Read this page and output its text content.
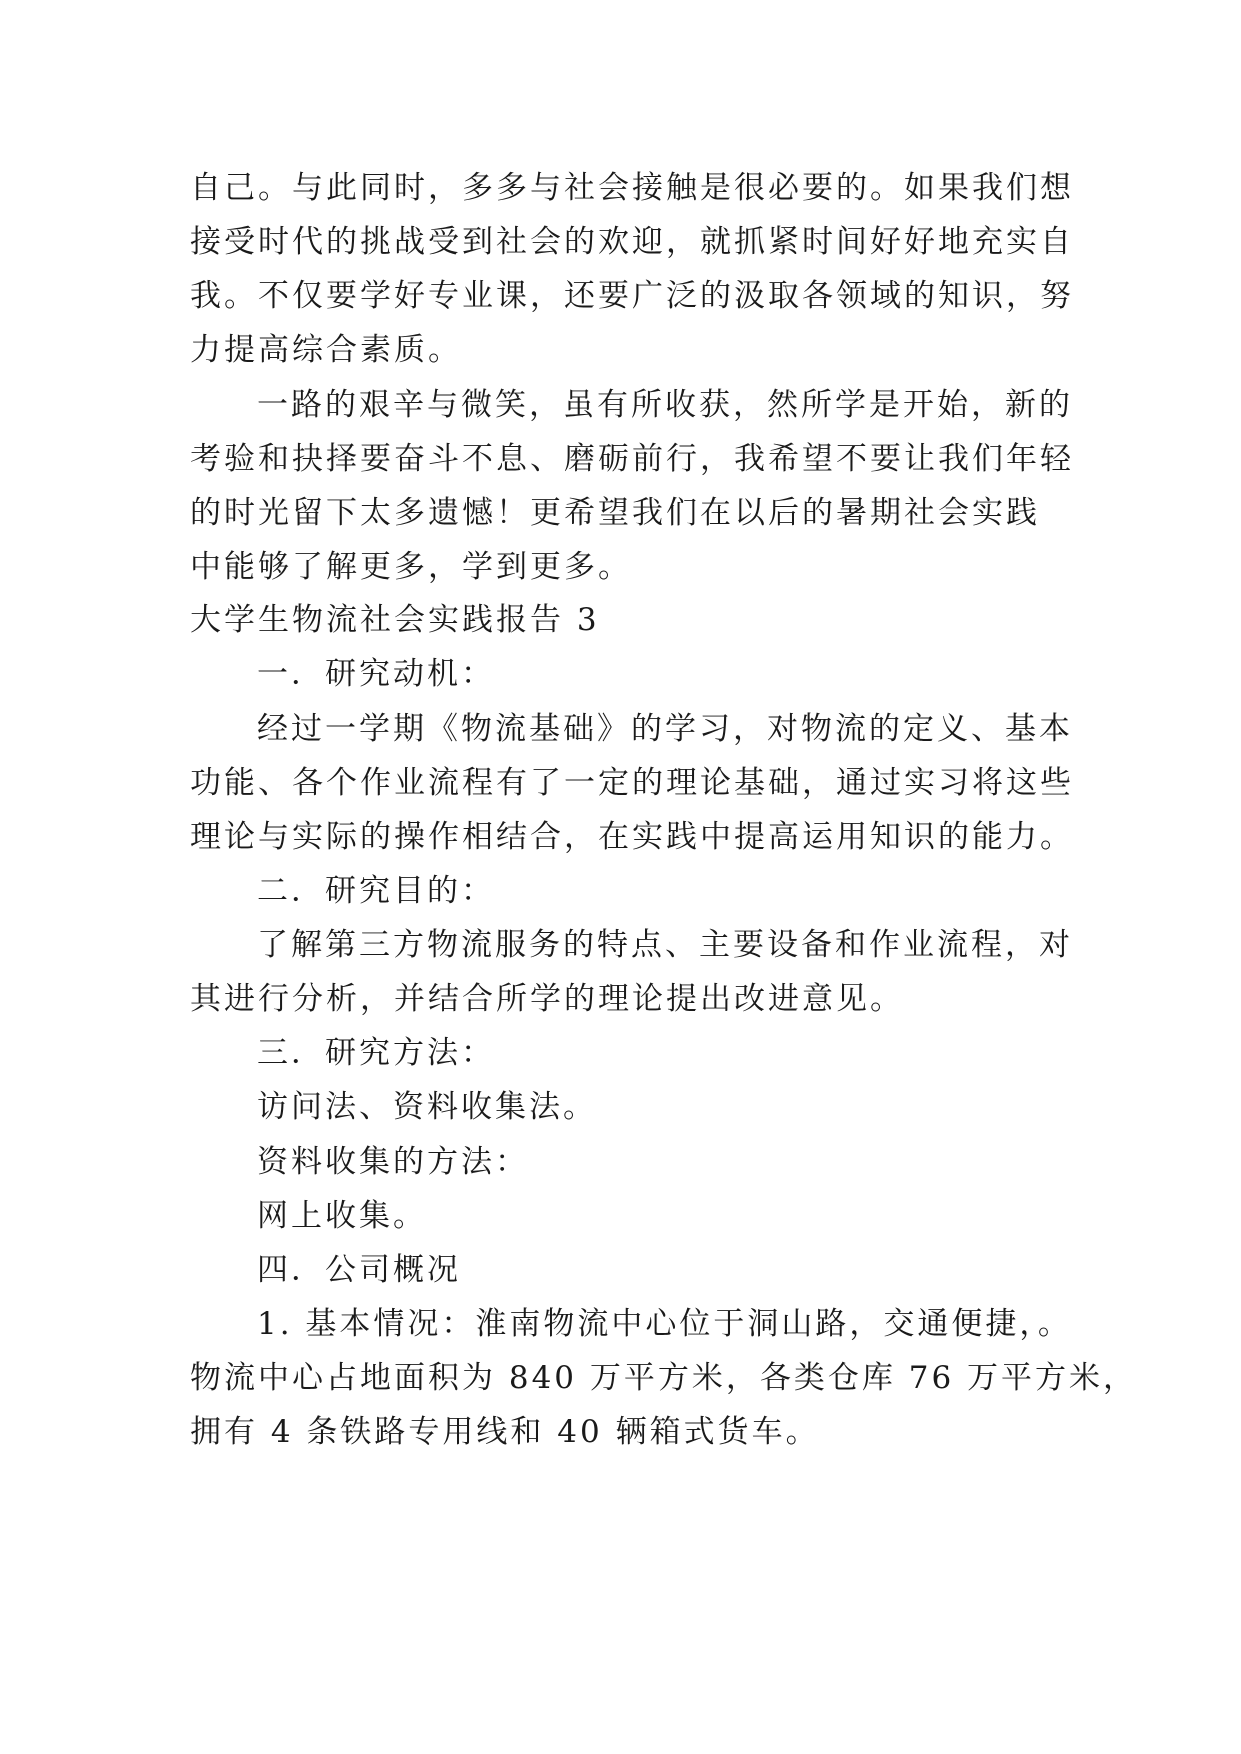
自己。与此同时，多多与社会接触是很必要的。如果我们想
接受时代的挑战受到社会的欢迎，就抓紧时间好好地充实自
我。不仅要学好专业课，还要广泛的汲取各领域的知识，努
力提高综合素质。
一路的艰辛与微笑，虽有所收获，然所学是开始，新的
考验和抉择要奋斗不息、磨砺前行，我希望不要让我们年轻
的时光留下太多遗憾！更希望我们在以后的暑期社会实践
中能够了解更多，学到更多。
大学生物流社会实践报告 3
一．研究动机：
经过一学期《物流基础》的学习，对物流的定义、基本
功能、各个作业流程有了一定的理论基础，通过实习将这些
理论与实际的操作相结合，在实践中提高运用知识的能力。
二．研究目的：
了解第三方物流服务的特点、主要设备和作业流程，对
其进行分析，并结合所学的理论提出改进意见。
三．研究方法：
访问法、资料收集法。
资料收集的方法：
网上收集。
四．公司概况
1. 基本情况：淮南物流中心位于洞山路，交通便捷，。
物流中心占地面积为 840 万平方米，各类仓库 76 万平方米，
拥有 4 条铁路专用线和 40 辆箱式货车。
